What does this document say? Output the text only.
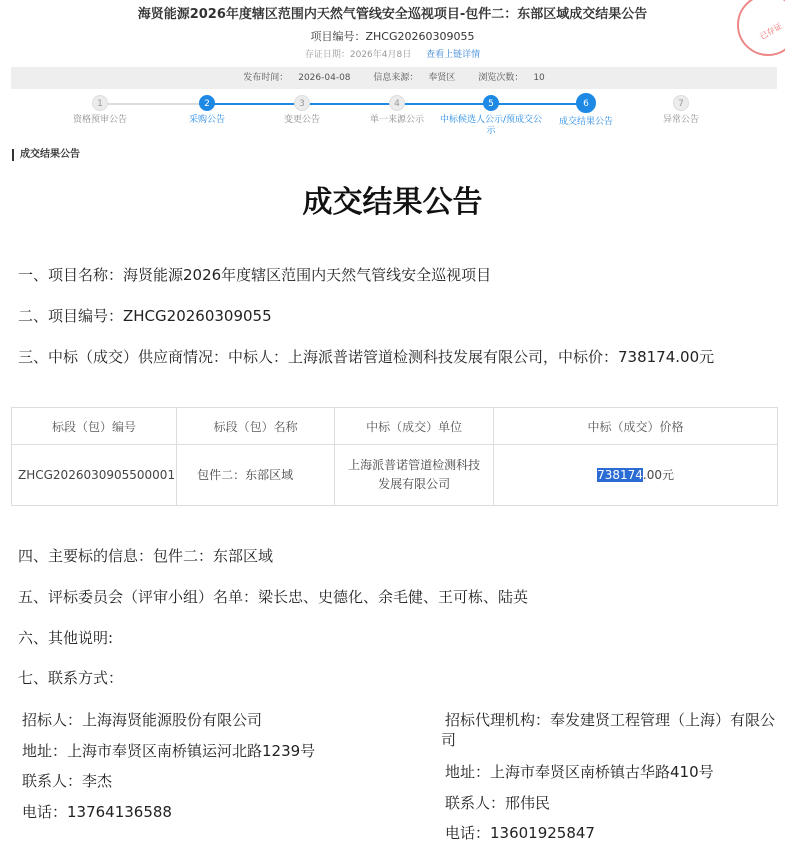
已存证
海贤能源2026年度辖区范围内天然气管线安全巡视项目-包件二：东部区域成交结果公告
项目编号：ZHCG20260309055
存证日期：2026年4月8日 查看上链详情
发布时间： 2026-04-08	信息来源： 奉贤区	浏览次数： 10
1
资格预审公告
2
采购公告
3
变更公告
4
单一来源公示
5
中标候选人公示/预成交公示
6
成交结果公告
7
异常公告
成交结果公告
成交结果公告
一、项目名称：海贤能源2026年度辖区范围内天然气管线安全巡视项目
二、项目编号：ZHCG20260309055
三、中标（成交）供应商情况：中标人：上海派普诺管道检测科技发展有限公司，中标价：738174.00元
标段（包）编号	标段（包）名称	中标（成交）单位	中标（成交）价格
ZHCG2026030905500001	包件二：东部区域	上海派普诺管道检测科技发展有限公司	738174.00元
四、主要标的信息：包件二：东部区域
五、评标委员会（评审小组）名单：梁长忠、史德化、余毛健、王可栋、陆英
六、其他说明:
七、联系方式：
招标人：上海海贤能源股份有限公司
地址：上海市奉贤区南桥镇运河北路1239号
联系人：李杰
电话：13764136588
招标代理机构：奉发建贤工程管理（上海）有限公司
地址：上海市奉贤区南桥镇古华路410号
联系人：邢伟民
电话：13601925847
